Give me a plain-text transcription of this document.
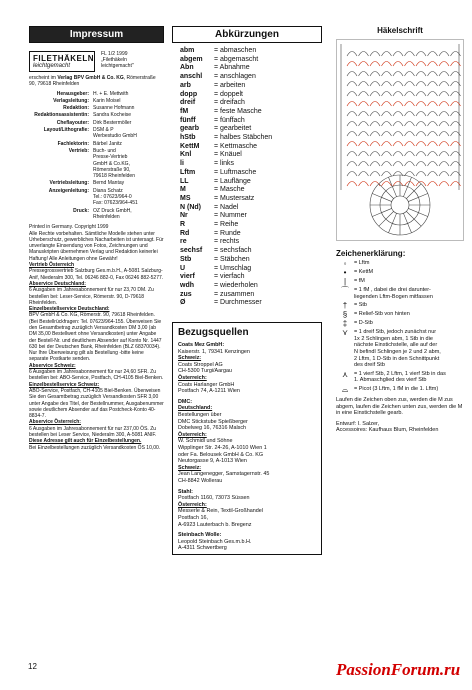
Impressum
FILETHÄKELN
leichtgemacht
FL 1/2 1999
„Filethäkeln
leichtgemacht"
erscheint im Verlag BPV GmbH & Co. KG, Römerstraße 90, 79618 Rheinfelden
Herausgeber: H. + E. Mettwith
Verlagsleitung: Karin Moisel
Redaktion: Susanne Hofmann
Redaktionsassistentin: Sandra Kocheise
Cheflayouter: Dirk Bestermöller
Layout/Lithografie: DSM & P
Werbestudio GmbH
Fachlektorin: Bärbel Janitz
Vertrieb: Buch- und
Presse-Vertrieb
GmbH & Co.KG,
Römerstraße 90,
79618 Rheinfelden
Vertriebsleitung: Bernd Mantay
Anzeigenleitung: Diana Schatz
Tel.: 07623/964-0
Fax: 07623/964-451
Druck: OZ Druck GmbH,
Rheinfelden
Printed in Germany. Copyright 1999
Alle Rechte vorbehalten. Sämtliche Modelle stehen unter Urheberschutz, gewerbliches Nacharbeiten ist untersagt. Für unverlangte Einsendung von Fotos, Zeichnungen und Manuskripten übernehmen Verlag und Redaktion keinerlei Haftung! Alle Anleitungen ohne Gewähr!
Vertrieb Österreich
Pressegrossvertrieb Salzburg Ges.m.b.H., A-5081 Salzburg-Anif, Niederalm 300, Tel. 06246 882-0, Fax 06246 882-5277.
Abservice Deutschland:
6 Ausgaben im Jahresabonnement für nur 23,70 DM. Zu bestellen bei: Leser-Service, Römerstr. 90, D-79618 Rheinfelden.
Einzelbestellservice Deutschland:
BPV GmbH & Co. KG, Römerstr. 90, 79618 Rheinfelden. (Bei Bestellrückfragen: Tel. 07623/964-155. Überweisen Sie den Gesamtbetrag zuzüglich Versandkosten DM 3,00 (ab DM 35,00 Bestellwert ohne Versandkosten) unter Angabe der Bestell-Nr. und deutlichem Absender auf Konto Nr. 1447 630 bei der Deutschen Bank, Rheinfelden (BLZ 68370034). Nur Ihre Überweisung gilt als Bestellung -bitte keine separate Postkarte senden.
Abservice Schweiz:
6 Ausgaben im Jahresabonnement für nur 24,60 SFR. Zu bestellen bei: ABO-Service, Postfach, CH-4105 Biel-Benken.
Einzelbestellservice Schweiz:
ABO-Service, Postfach, CH-4105 Biel-Benken. Überweisen Sie den Gesamtbetrag zuzüglich Versandkosten SFR 3,00 unter Angabe des Titel, der Bestellnummer, Ausgabenummer sowie deutlichem Absender auf das Postcheck-Konto 40-8834-7.
Abservice Österreich:
6 Ausgaben im Jahresabonnement für nur 237,00 ÖS. Zu bestellen bei Leser Service, Niederalm 300, A-5081 ANIF.
Diese Adresse gilt auch für Einzelbestellungen.
Bei Einzelbestellungen zuzüglich Versandkosten ÖS 10,00.
Abkürzungen
abm	= abmaschen
abgem	= abgemascht
Abn	= Abnahme
anschl	= anschlagen
arb	= arbeiten
dopp	= doppelt
dreif	= dreifach
fM	= feste Masche
fünff	= fünffach
gearb	= gearbeitet
hStb	= halbes Stäbchen
KettM	= Kettmasche
Knl	= Knäuel
li	= links
Lftm	= Luftmasche
LL	= Lauflänge
M	= Masche
MS	= Mustersatz
N (Nd)	= Nadel
Nr	= Nummer
R	= Reihe
Rd	= Runde
re	= rechts
sechsf	= sechsfach
Stb	= Stäbchen
U	= Umschlag
vierf	= vierfach
wdh	= wiederholen
zus	= zusammen
Ø	= Durchmesser
Bezugsquellen
Coats Mez GmbH:
Kaiserstr. 1, 79341 Kenzingen
Schweiz:
Coats Stroppel AG
CH-5300 Turgi/Aargau
Österreich:
Coats Harlanger GmbH
Postfach 74, A-1211 Wien
DMC:
Deutschland:
Bestellungen über
DMC Stickstube Spießberger
Dobelweg 16, 76316 Malsch
Österreich:
W. Schmidl und Söhne
Wipplinger Str. 24-26, A-1010 Wien 1
oder Fa. Belousek GmbH & Co. KG
Neutorgasse 9, A-1013 Wien
Schweiz:
Jean Langenegger, Samstagernstr. 45
CH-8842 Wollerau
Stahl:
Postfach 1160, 73073 Süssen
Österreich:
Messerle & Rein, Textil-Großhandel
Postfach 16,
A-6923 Lauterbach b. Bregenz
Steinbach Wolle:
Leopold Steinbach Ges.m.b.H.
A-4311 Schwertberg
Häkelschrift
Zeichenerklärung:
◦	= Lftm
•	= KettM
|	= fM
⌒ = 1 fM , dabei die drei darunter-
liegenden Lftm-Bogen mitfassen
†	= Stb
§	= Relief-Stb von hinten
‡	= D-Stb
⋎	= 1 dreif Stb, jedoch zunächst nur
1x 2 Schlingen abm, 1 Stb in die
nächste Einstichstelle, alle auf der
N befindl Schlingen je 2 und 2 abm,
2 Lftm, 1 D-Stb in den Schnittpunkt
des dreif Stb
⋏	= 1 vierf Stb, 2 Lftm, 1 vierf Stb in das
1. Abmaschglied des vierf Stb
⌓	= Picot (3 Lftm, 1 fM in die 1. Lftm)
Laufen die Zeichen oben zus, werden die M zus abgem, laufen die Zeichen unten zus, werden die M in eine Einstichstelle gearb.
Entwurf: I. Salzer,
Accessoires: Kaufhaus Blum, Rheinfelden
12	PassionForum.ru
